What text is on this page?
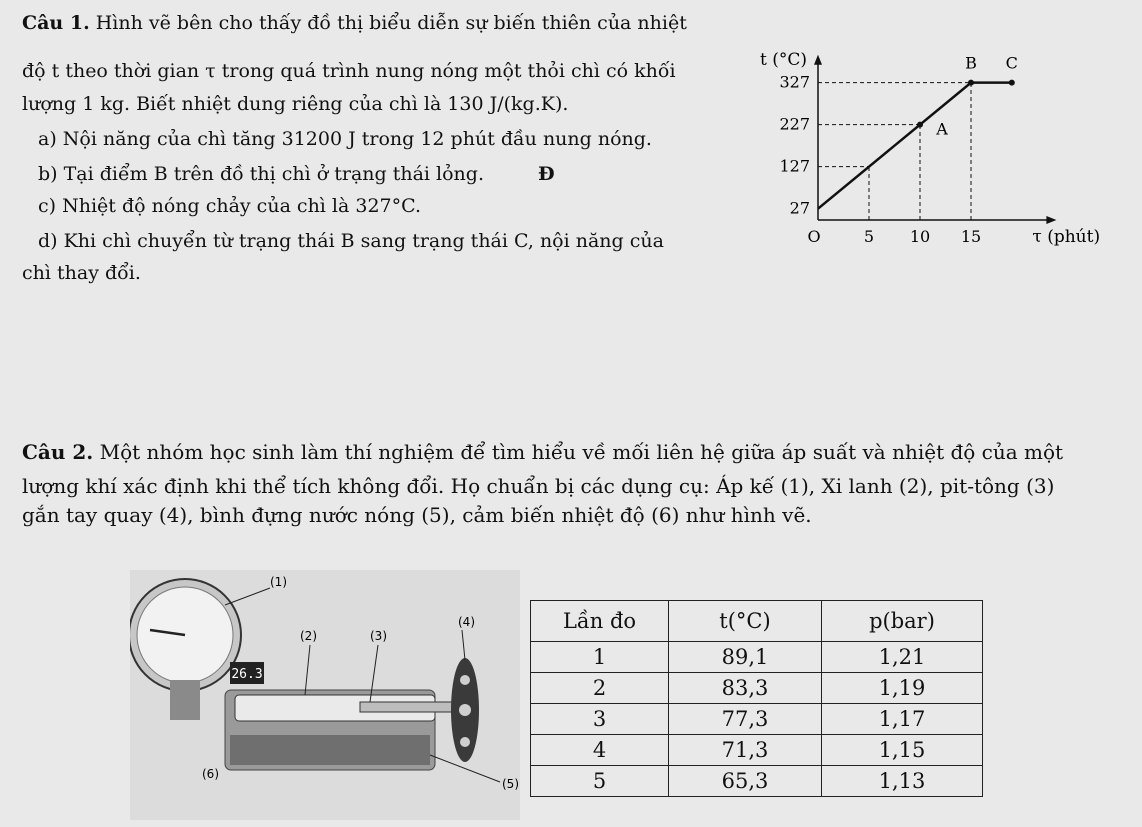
Câu 1. Hình vẽ bên cho thấy đồ thị biểu diễn sự biến thiên của nhiệt
độ t theo thời gian τ trong quá trình nung nóng một thỏi chì có khối
lượng 1 kg. Biết nhiệt dung riêng của chì là 130 J/(kg.K).
a) Nội năng của chì tăng 31200 J trong 12 phút đầu nung nóng.
b) Tại điểm B trên đồ thị chì ở trạng thái lỏng.	Đ
c) Nhiệt độ nóng chảy của chì là 327°C.
d) Khi chì chuyển từ trạng thái B sang trạng thái C, nội năng của
chì thay đổi.
t (°C)
τ (phút)
O
327
227
127
27
5 10 15
A
B C
Câu 2. Một nhóm học sinh làm thí nghiệm để tìm hiểu về mối liên hệ giữa áp suất và nhiệt độ của một
lượng khí xác định khi thể tích không đổi. Họ chuẩn bị các dụng cụ: Áp kế (1), Xi lanh (2), pit-tông (3)
gắn tay quay (4), bình đựng nước nóng (5), cảm biến nhiệt độ (6) như hình vẽ.
26.3
(1)
(2)	(3)
(4)
(5)
(6)
Lần đo	t(°C)	p(bar)
1	89,1	1,21
2	83,3	1,19
3	77,3	1,17
4	71,3	1,15
5	65,3	1,13
